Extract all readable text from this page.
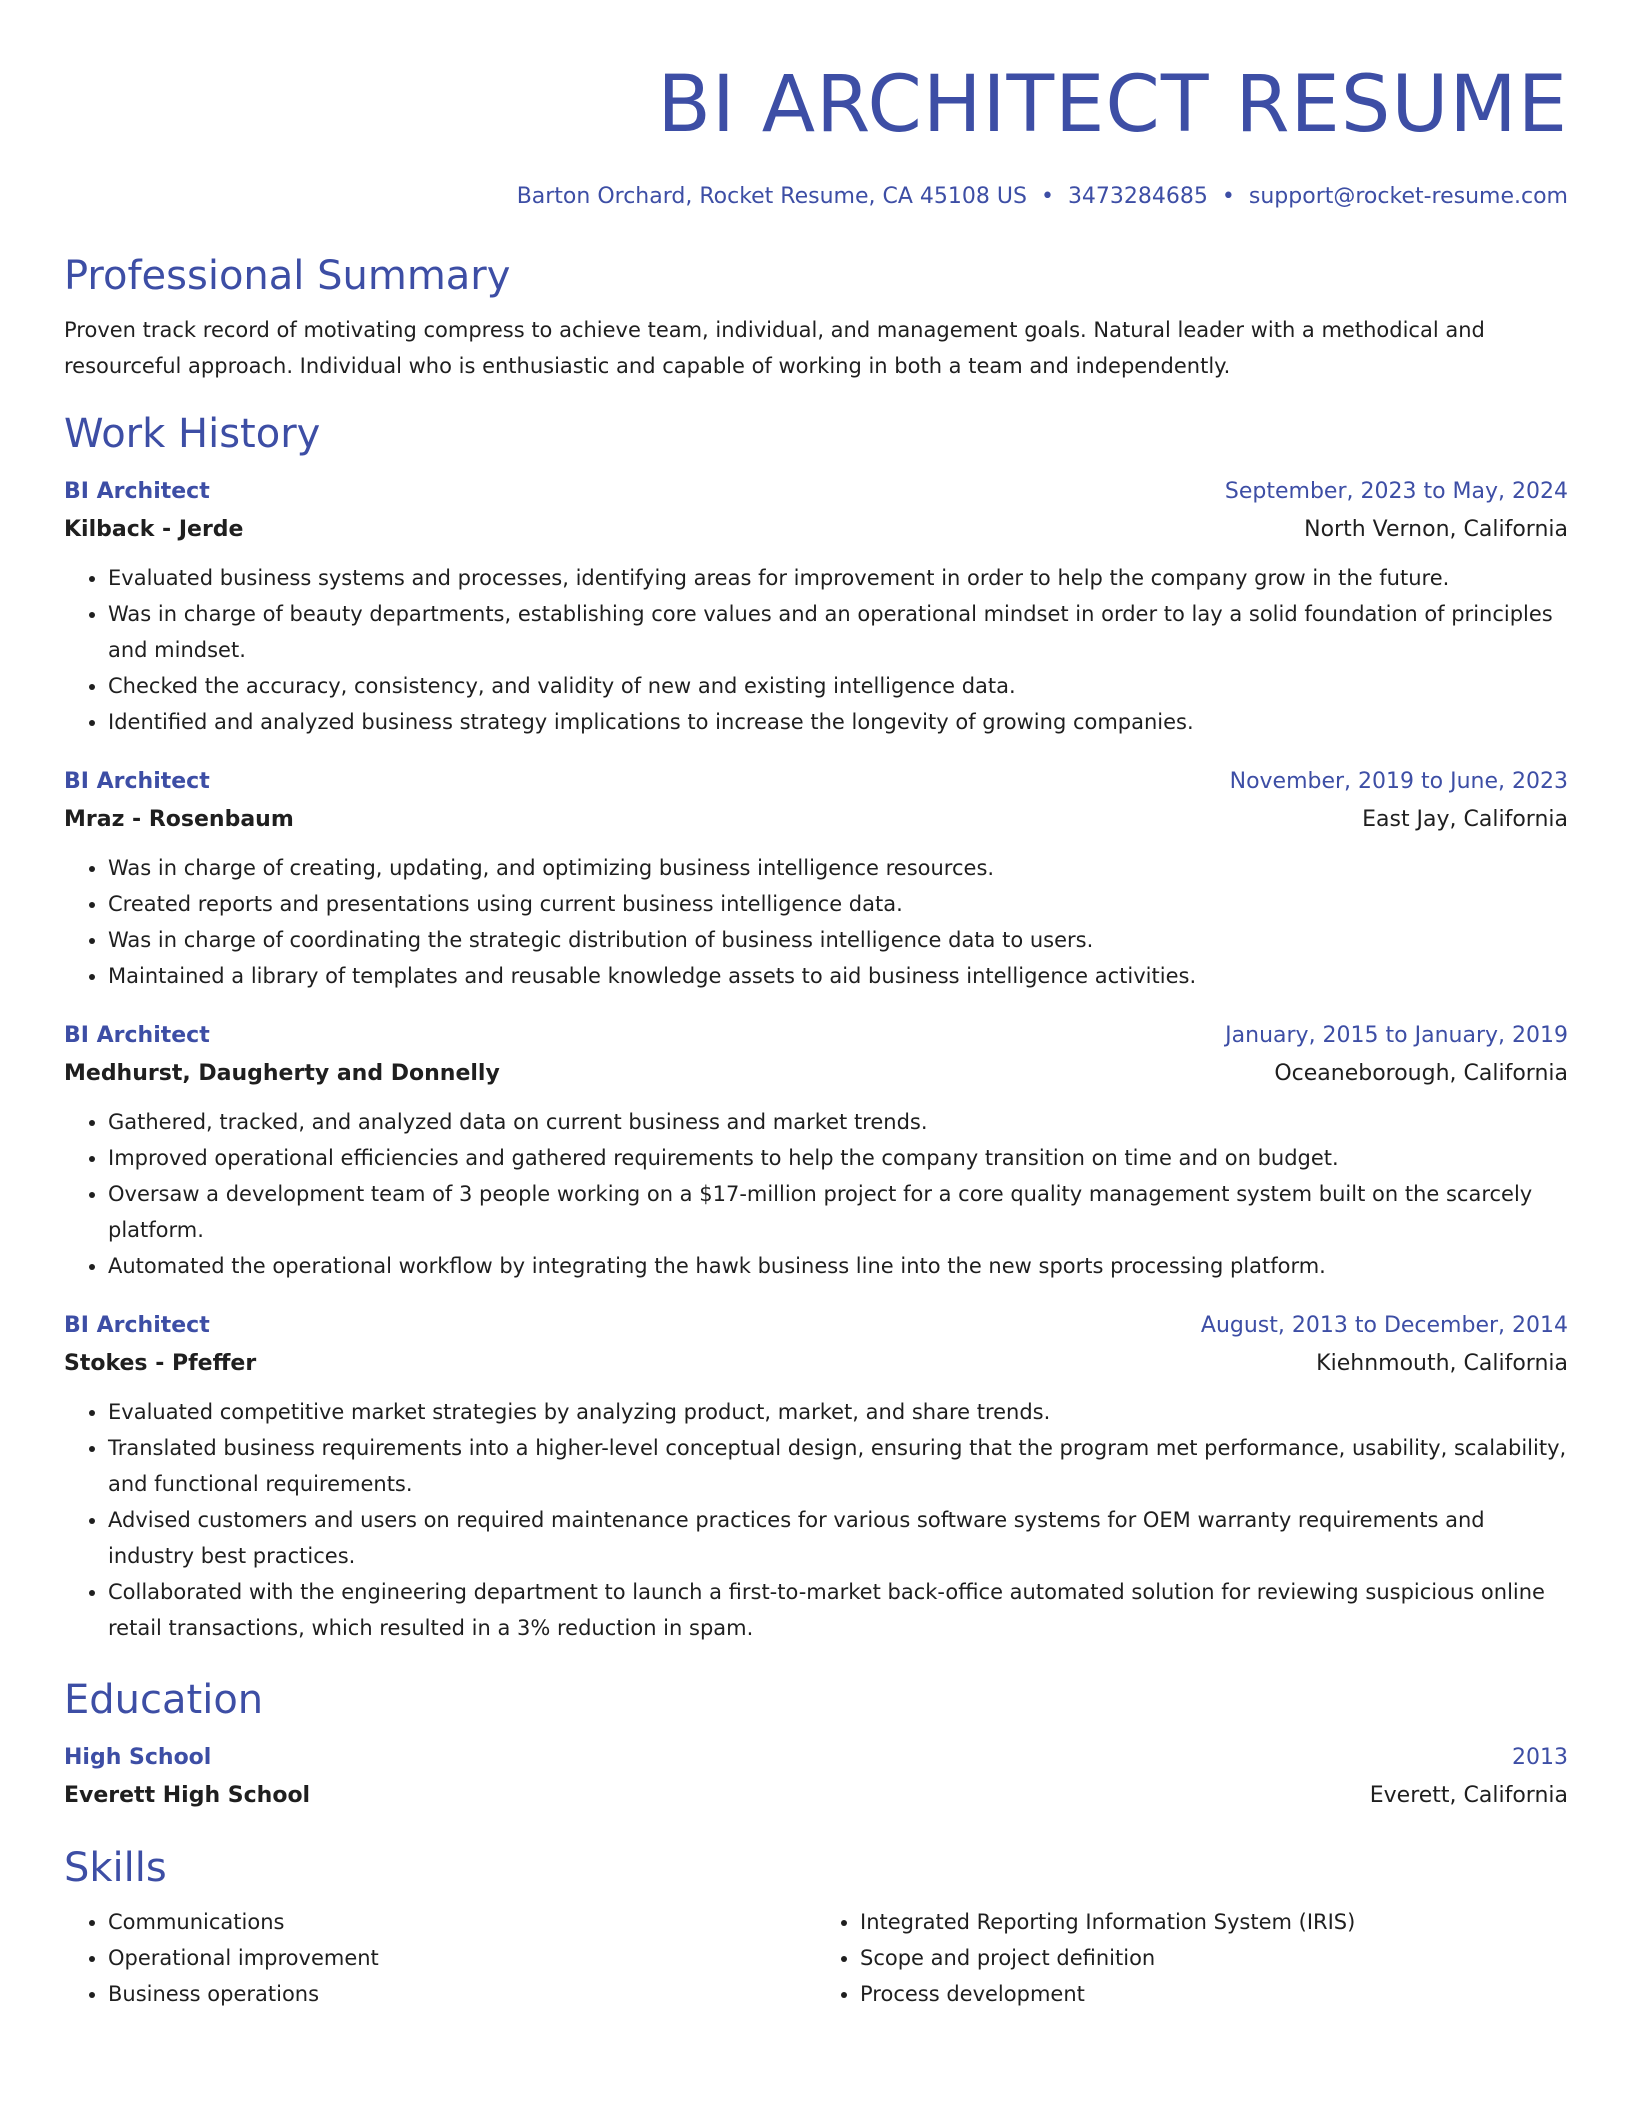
BI ARCHITECT RESUME
Barton Orchard, Rocket Resume, CA 45108 US • 3473284685 • support@rocket-resume.com
Professional Summary
Proven track record of motivating compress to achieve team, individual, and management goals. Natural leader with a methodical and resourceful approach. Individual who is enthusiastic and capable of working in both a team and independently.
Work History
BI Architect	September, 2023 to May, 2024
Kilback - Jerde	North Vernon, California
• Evaluated business systems and processes, identifying areas for improvement in order to help the company grow in the future.
• Was in charge of beauty departments, establishing core values and an operational mindset in order to lay a solid foundation of principles and mindset.
• Checked the accuracy, consistency, and validity of new and existing intelligence data.
• Identified and analyzed business strategy implications to increase the longevity of growing companies.
BI Architect	November, 2019 to June, 2023
Mraz - Rosenbaum	East Jay, California
• Was in charge of creating, updating, and optimizing business intelligence resources.
• Created reports and presentations using current business intelligence data.
• Was in charge of coordinating the strategic distribution of business intelligence data to users.
• Maintained a library of templates and reusable knowledge assets to aid business intelligence activities.
BI Architect	January, 2015 to January, 2019
Medhurst, Daugherty and Donnelly	Oceaneborough, California
• Gathered, tracked, and analyzed data on current business and market trends.
• Improved operational efficiencies and gathered requirements to help the company transition on time and on budget.
• Oversaw a development team of 3 people working on a $17-million project for a core quality management system built on the scarcely platform.
• Automated the operational workflow by integrating the hawk business line into the new sports processing platform.
BI Architect	August, 2013 to December, 2014
Stokes - Pfeffer	Kiehnmouth, California
• Evaluated competitive market strategies by analyzing product, market, and share trends.
• Translated business requirements into a higher-level conceptual design, ensuring that the program met performance, usability, scalability, and functional requirements.
• Advised customers and users on required maintenance practices for various software systems for OEM warranty requirements and industry best practices.
• Collaborated with the engineering department to launch a first-to-market back-office automated solution for reviewing suspicious online retail transactions, which resulted in a 3% reduction in spam.
Education
High School	2013
Everett High School	Everett, California
Skills
• Communications
• Operational improvement
• Business operations
• Integrated Reporting Information System (IRIS)
• Scope and project definition
• Process development
